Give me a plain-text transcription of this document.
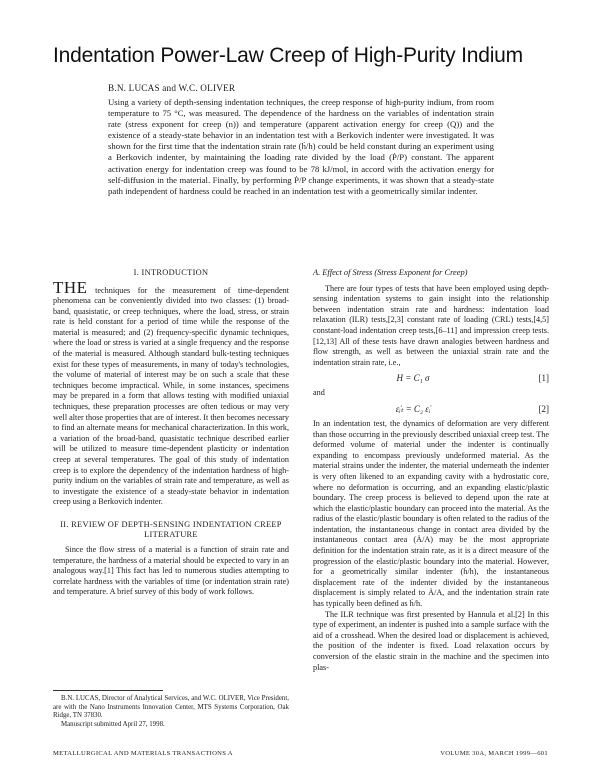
Indentation Power-Law Creep of High-Purity Indium
B.N. LUCAS and W.C. OLIVER
Using a variety of depth-sensing indentation techniques, the creep response of high-purity indium, from room temperature to 75 °C, was measured. The dependence of the hardness on the variables of indentation strain rate (stress exponent for creep (n)) and temperature (apparent activation energy for creep (Q)) and the existence of a steady-state behavior in an indentation test with a Berkovich indenter were investigated. It was shown for the first time that the indentation strain rate (ḣ/h) could be held constant during an experiment using a Berkovich indenter, by maintaining the loading rate divided by the load (Ṗ/P) constant. The apparent activation energy for indentation creep was found to be 78 kJ/mol, in accord with the activation energy for self-diffusion in the material. Finally, by performing Ṗ/P change experiments, it was shown that a steady-state path independent of hardness could be reached in an indentation test with a geometrically similar indenter.
I. INTRODUCTION
THE techniques for the measurement of time-dependent phenomena can be conveniently divided into two classes: (1) broad-band, quasistatic, or creep techniques, where the load, stress, or strain rate is held constant for a period of time while the response of the material is measured; and (2) frequency-specific dynamic techniques, where the load or stress is varied at a single frequency and the response of the material is measured. Although standard bulk-testing techniques exist for these types of measurements, in many of today's technologies, the volume of material of interest may be on such a scale that these techniques become impractical. While, in some instances, specimens may be prepared in a form that allows testing with modified uniaxial techniques, these preparation processes are often tedious or may very well alter those properties that are of interest. It then becomes necessary to find an alternate means for mechanical characterization. In this work, a variation of the broad-band, quasistatic technique described earlier will be utilized to measure time-dependent plasticity or indentation creep at several temperatures. The goal of this study of indentation creep is to explore the dependency of the indentation hardness of high-purity indium on the variables of strain rate and temperature, as well as to investigate the existence of a steady-state behavior in indentation creep using a Berkovich indenter.
II. REVIEW OF DEPTH-SENSING INDENTATION CREEP LITERATURE
Since the flow stress of a material is a function of strain rate and temperature, the hardness of a material should be expected to vary in an analogous way.[1] This fact has led to numerous studies attempting to correlate hardness with the variables of time (or indentation strain rate) and temperature. A brief survey of this body of work follows.
B.N. LUCAS, Director of Analytical Services, and W.C. OLIVER, Vice President, are with the Nano Instruments Innovation Center, MTS Systems Corporation, Oak Ridge, TN 37830.
Manuscript submitted April 27, 1998.
A. Effect of Stress (Stress Exponent for Creep)
There are four types of tests that have been employed using depth-sensing indentation systems to gain insight into the relationship between indentation strain rate and hardness: indentation load relaxation (ILR) tests,[2,3] constant rate of loading (CRL) tests,[4,5] constant-load indentation creep tests,[6–11] and impression creep tests.[12,13] All of these tests have drawn analogies between hardness and flow strength, as well as between the uniaxial strain rate and the indentation strain rate, i.e.,
H = C₁ σ	[1]
and
ε̇ᵢₜ = C₂ ε̇ᵢ	[2]
In an indentation test, the dynamics of deformation are very different than those occurring in the previously described uniaxial creep test. The deformed volume of material under the indenter is continually expanding to encompass previously undeformed material. As the material strains under the indenter, the material underneath the indenter is very often likened to an expanding cavity with a hydrostatic core, where no deformation is occurring, and an expanding elastic/plastic boundary. The creep process is believed to depend upon the rate at which the elastic/plastic boundary can proceed into the material. As the radius of the elastic/plastic boundary is often related to the radius of the indentation, the instantaneous change in contact area divided by the instantaneous contact area (Ȧ/A) may be the most appropriate definition for the indentation strain rate, as it is a direct measure of the progression of the elastic/plastic boundary into the material. However, for a geometrically similar indenter (ḣ/h), the instantaneous displacement rate of the indenter divided by the instantaneous displacement is simply related to Ȧ/A, and the indentation strain rate has typically been defined as ḣ/h.
The ILR technique was first presented by Hannula et al.[2] In this type of experiment, an indenter is pushed into a sample surface with the aid of a crosshead. When the desired load or displacement is achieved, the position of the indenter is fixed. Load relaxation occurs by conversion of the elastic strain in the machine and the specimen into plas-
METALLURGICAL AND MATERIALS TRANSACTIONS A	VOLUME 30A, MARCH 1999—601
